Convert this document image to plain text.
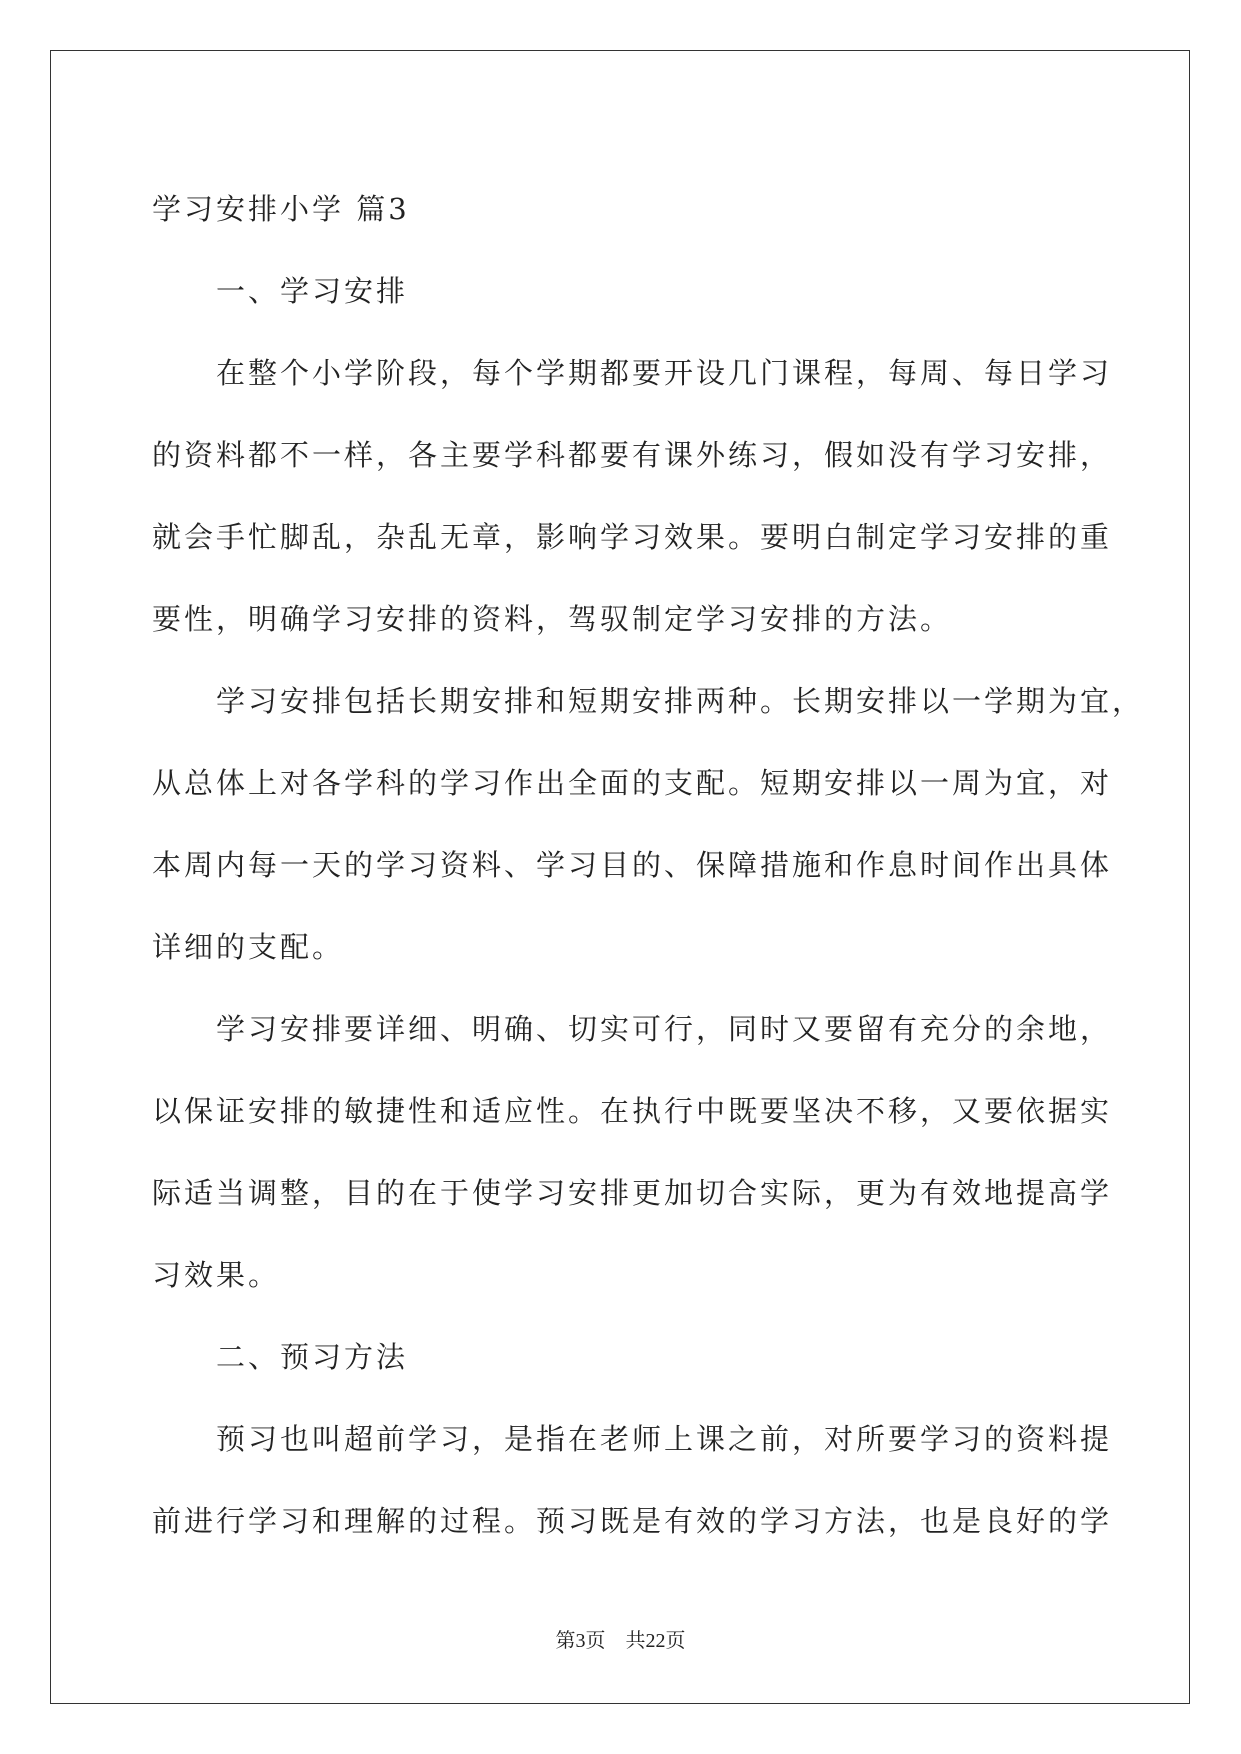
学习安排小学 篇3
一、学习安排
在整个小学阶段，每个学期都要开设几门课程，每周、每日学习
的资料都不一样，各主要学科都要有课外练习，假如没有学习安排，
就会手忙脚乱，杂乱无章，影响学习效果。要明白制定学习安排的重
要性，明确学习安排的资料，驾驭制定学习安排的方法。
学习安排包括长期安排和短期安排两种。长期安排以一学期为宜，
从总体上对各学科的学习作出全面的支配。短期安排以一周为宜，对
本周内每一天的学习资料、学习目的、保障措施和作息时间作出具体
详细的支配。
学习安排要详细、明确、切实可行，同时又要留有充分的余地，
以保证安排的敏捷性和适应性。在执行中既要坚决不移，又要依据实
际适当调整，目的在于使学习安排更加切合实际，更为有效地提高学
习效果。
二、预习方法
预习也叫超前学习，是指在老师上课之前，对所要学习的资料提
前进行学习和理解的过程。预习既是有效的学习方法，也是良好的学
第3页　共22页
